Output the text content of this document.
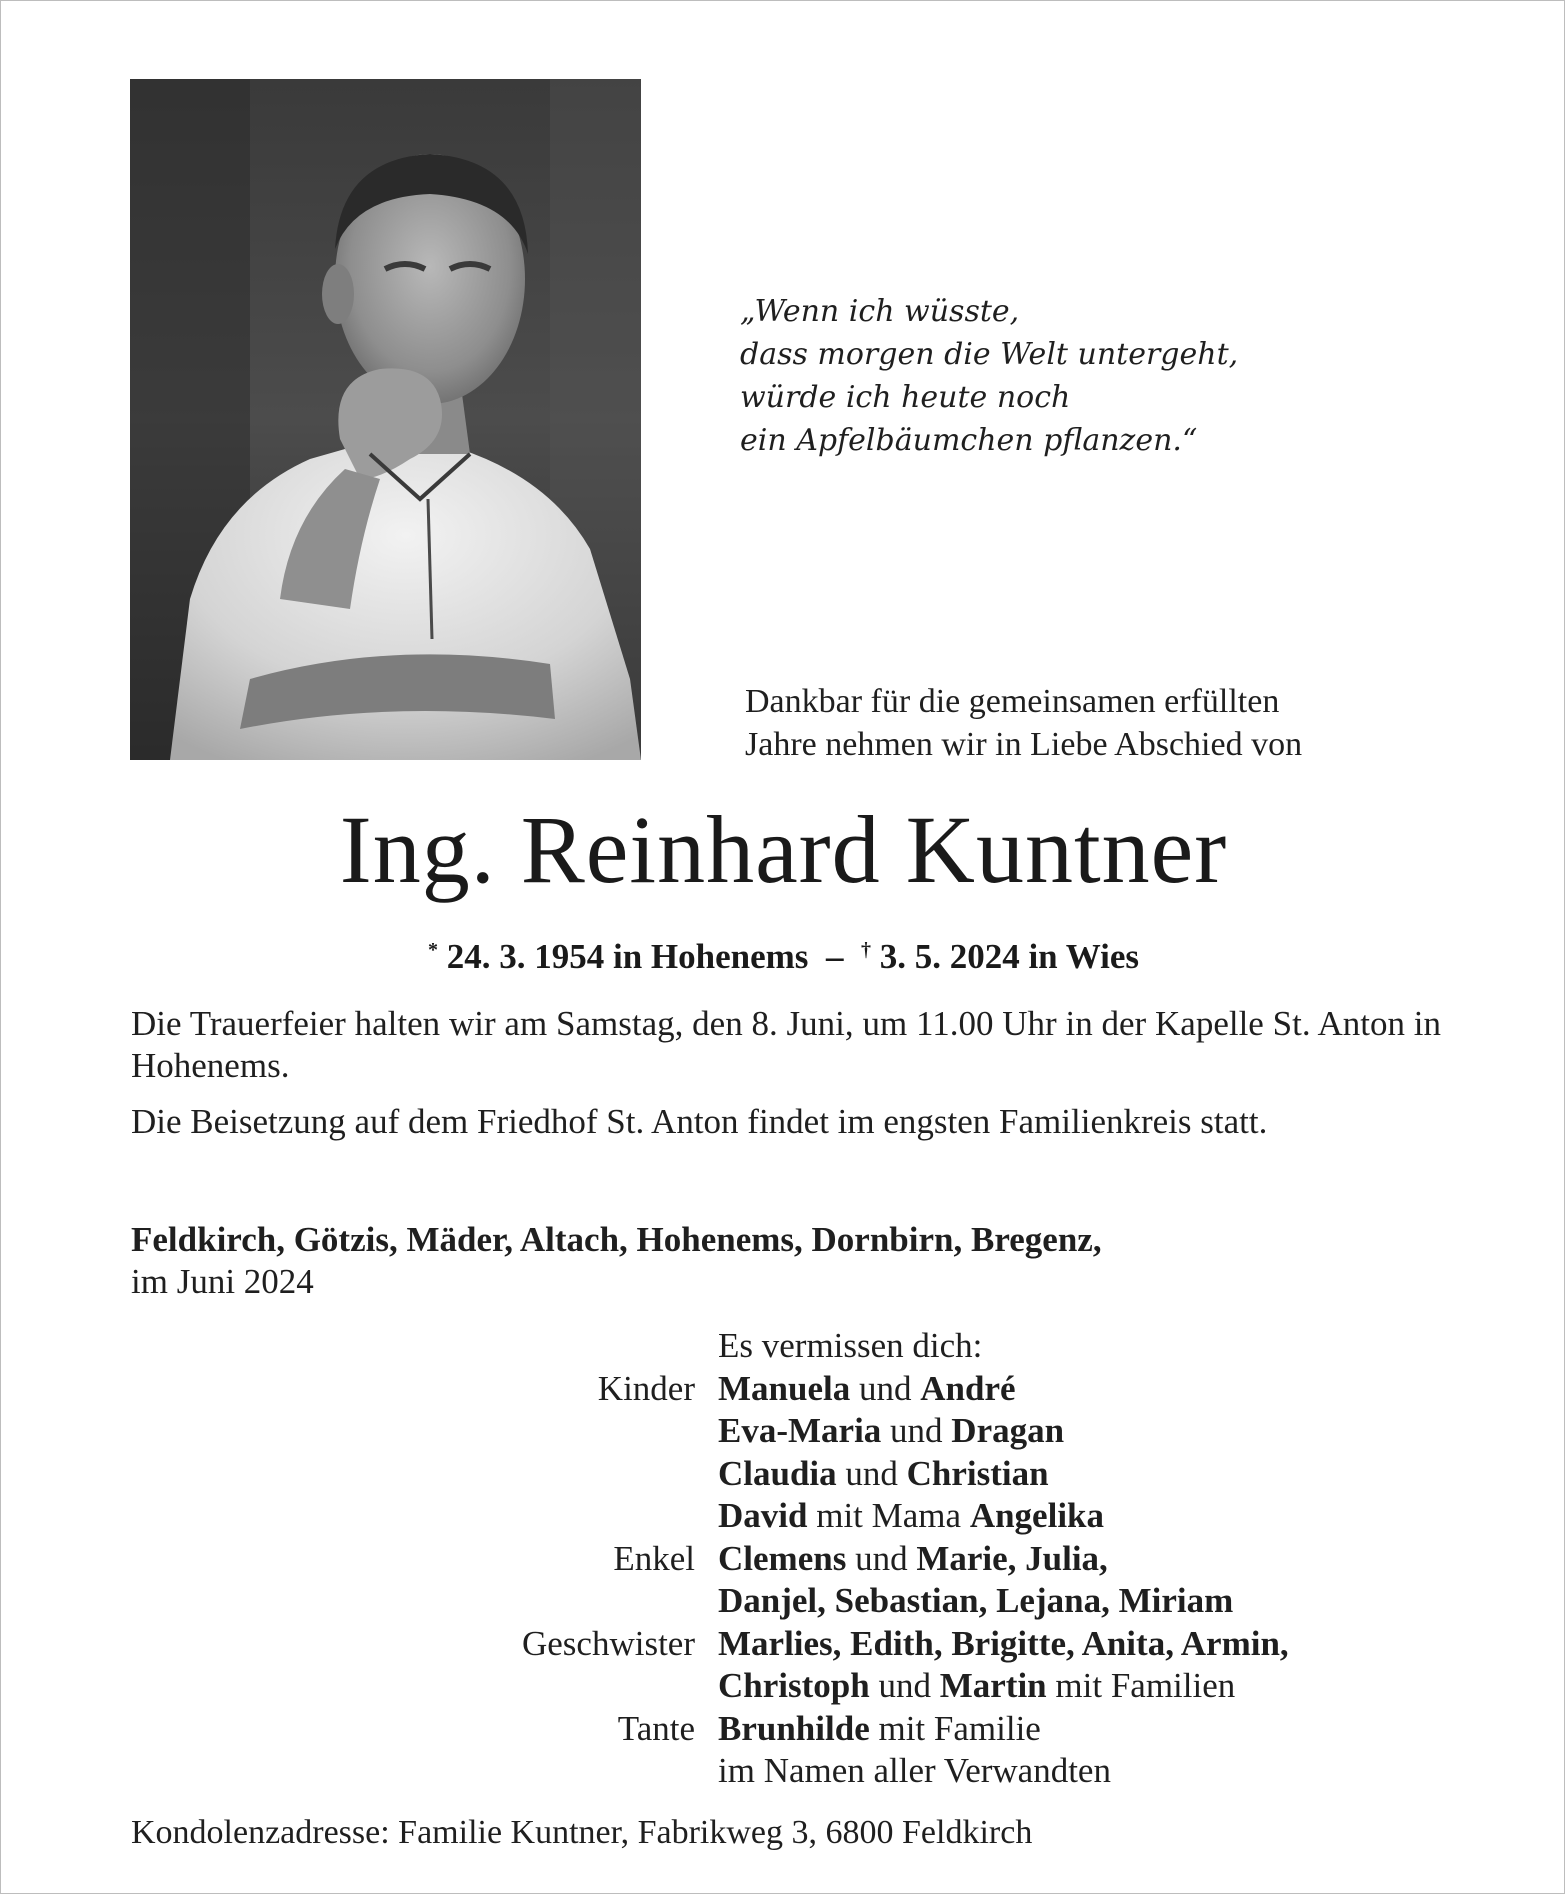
„Wenn ich wüsste,
dass morgen die Welt untergeht,
würde ich heute noch
ein Apfelbäumchen pflanzen.“
Dankbar für die gemeinsamen erfüllten
Jahre nehmen wir in Liebe Abschied von
Ing. Reinhard Kuntner
* 24. 3. 1954 in Hohenems – † 3. 5. 2024 in Wies
Die Trauerfeier halten wir am Samstag, den 8. Juni, um 11.00 Uhr in der Kapelle St. Anton in Hohenems.
Die Beisetzung auf dem Friedhof St. Anton findet im engsten Familienkreis statt.
Feldkirch, Götzis, Mäder, Altach, Hohenems, Dornbirn, Bregenz,
im Juni 2024
Es vermissen dich:
Kinder Manuela und André
Eva-Maria und Dragan
Claudia und Christian
David mit Mama Angelika
Enkel Clemens und Marie, Julia,
Danjel, Sebastian, Lejana, Miriam
Geschwister Marlies, Edith, Brigitte, Anita, Armin,
Christoph und Martin mit Familien
Tante Brunhilde mit Familie
im Namen aller Verwandten
Kondolenzadresse: Familie Kuntner, Fabrikweg 3, 6800 Feldkirch
